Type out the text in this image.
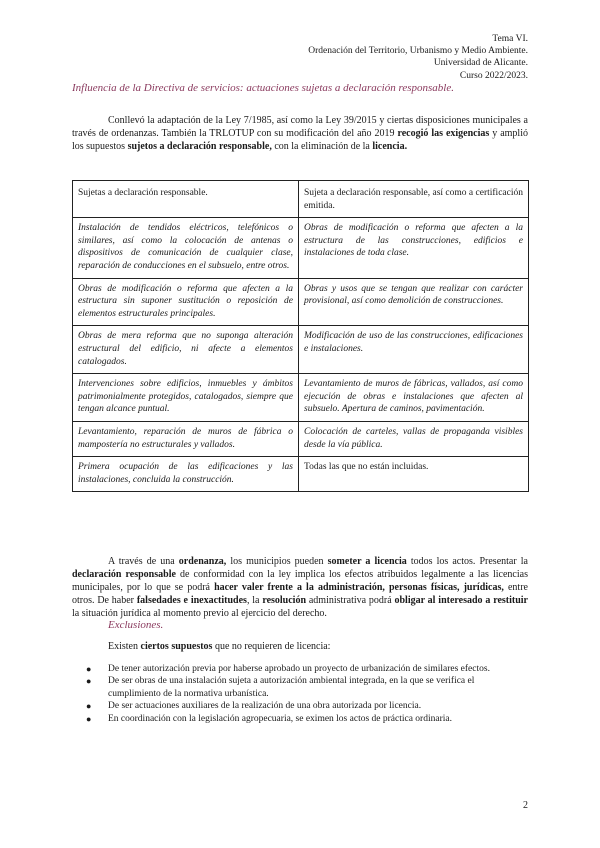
Tema VI.
Ordenación del Territorio, Urbanismo y Medio Ambiente.
Universidad de Alicante.
Curso 2022/2023.
Influencia de la Directiva de servicios: actuaciones sujetas a declaración responsable.
Conllevó la adaptación de la Ley 7/1985, así como la Ley 39/2015 y ciertas disposiciones municipales a través de ordenanzas. También la TRLOTUP con su modificación del año 2019 recogió las exigencias y amplió los supuestos sujetos a declaración responsable, con la eliminación de la licencia.
Sujetas a declaración responsable.	Sujeta a declaración responsable, así como a certificación emitida.
Instalación de tendidos eléctricos, telefónicos o similares, así como la colocación de antenas o dispositivos de comunicación de cualquier clase, reparación de conducciones en el subsuelo, entre otros.	Obras de modificación o reforma que afecten a la estructura de las construcciones, edificios e instalaciones de toda clase.
Obras de modificación o reforma que afecten a la estructura sin suponer sustitución o reposición de elementos estructurales principales.	Obras y usos que se tengan que realizar con carácter provisional, así como demolición de construcciones.
Obras de mera reforma que no suponga alteración estructural del edificio, ni afecte a elementos catalogados.	Modificación de uso de las construcciones, edificaciones e instalaciones.
Intervenciones sobre edificios, inmuebles y ámbitos patrimonialmente protegidos, catalogados, siempre que tengan alcance puntual.	Levantamiento de muros de fábricas, vallados, así como ejecución de obras e instalaciones que afecten al subsuelo. Apertura de caminos, pavimentación.
Levantamiento, reparación de muros de fábrica o mampostería no estructurales y vallados.	Colocación de carteles, vallas de propaganda visibles desde la vía pública.
Primera ocupación de las edificaciones y las instalaciones, concluida la construcción.	Todas las que no están incluidas.
A través de una ordenanza, los municipios pueden someter a licencia todos los actos. Presentar la declaración responsable de conformidad con la ley implica los efectos atribuidos legalmente a las licencias municipales, por lo que se podrá hacer valer frente a la administración, personas físicas, jurídicas, entre otros. De haber falsedades e inexactitudes, la resolución administrativa podrá obligar al interesado a restituir la situación jurídica al momento previo al ejercicio del derecho.
Exclusiones.
Existen ciertos supuestos que no requieren de licencia:
● De tener autorización previa por haberse aprobado un proyecto de urbanización de similares efectos.
● De ser obras de una instalación sujeta a autorización ambiental integrada, en la que se verifica el cumplimiento de la normativa urbanística.
● De ser actuaciones auxiliares de la realización de una obra autorizada por licencia.
● En coordinación con la legislación agropecuaria, se eximen los actos de práctica ordinaria.
2
